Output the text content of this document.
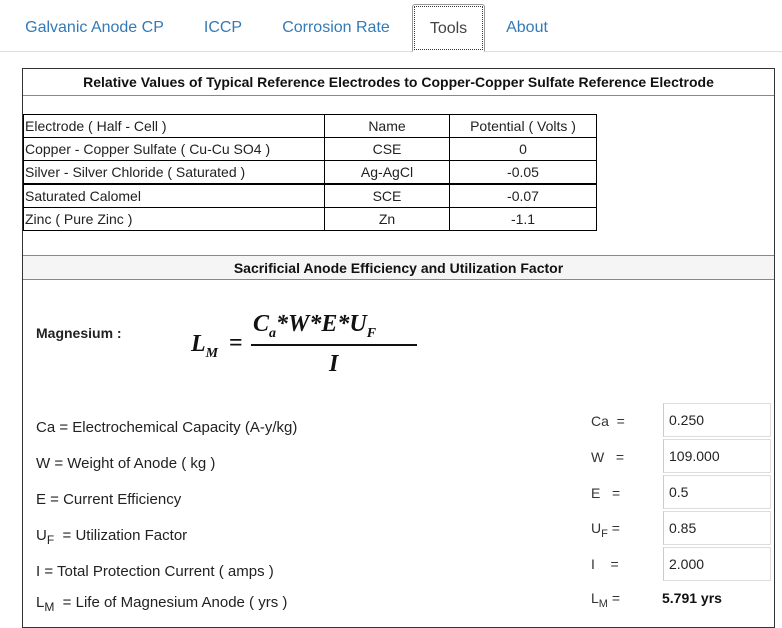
Galvanic Anode CP	ICCP	Corrosion Rate	Tools	About
Relative Values of Typical Reference Electrodes to Copper-Copper Sulfate Reference Electrode
Electrode ( Half - Cell )	Name	Potential ( Volts )
Copper - Copper Sulfate ( Cu-Cu SO4 )	CSE	0
Silver - Silver Chloride ( Saturated )	Ag-AgCl	-0.05
Saturated Calomel	SCE	-0.07
Zinc ( Pure Zinc )	Zn	-1.1
Sacrificial Anode Efficiency and Utilization Factor
Magnesium :	$L_M$ =
$C_a*W*E*U_F$
I
Ca = Electrochemical Capacity (A-y/kg)
W = Weight of Anode ( kg )
E = Current Efficiency
$U_F$  = Utilization Factor
I = Total Protection Current ( amps )
$L_M$  = Life of Magnesium Anode ( yrs )
Ca  =	0.250
W   =	109.000
E   =	0.5
$U_F$ =	0.85
I    =	2.000
$L_M$ =	5.791 yrs
